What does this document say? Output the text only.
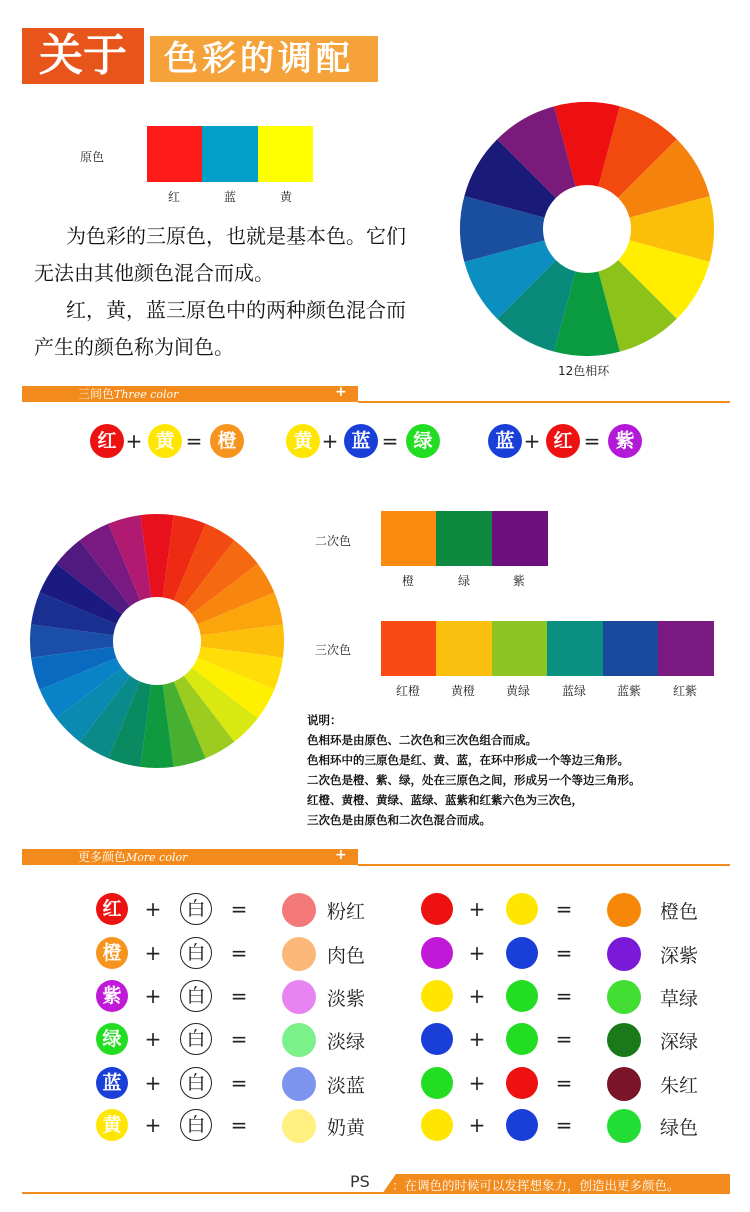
关于	色彩的调配
原色
红	蓝	黄
为色彩的三原色，也就是基本色。它们
无法由其他颜色混合而成。
红，黄，蓝三原色中的两种颜色混合而
产生的颜色称为间色。
12色相环
三间色Three color	+
红 + 黄 = 橙	黄 + 蓝 = 绿	蓝 + 红 = 紫
二次色
橙	绿	紫
三次色
红橙	黄橙	黄绿	蓝绿	蓝紫	红紫
说明：
色相环是由原色、二次色和三次色组合而成。
色相环中的三原色是红、黄、蓝，在环中形成一个等边三角形。
二次色是橙、紫、绿，处在三原色之间，形成另一个等边三角形。
红橙、黄橙、黄绿、蓝绿、蓝紫和红紫六色为三次色，
三次色是由原色和二次色混合而成。
更多颜色More color	+
红	+	白	=	粉红
橙	+	白	=	肉色
紫	+	白	=	淡紫
绿	+	白	=	淡绿
蓝	+	白	=	淡蓝
黄	+	白	=	奶黄
+	=	橙色
+	=	深紫
+	=	草绿
+	=	深绿
+	=	朱红
+	=	绿色
PS ：在调色的时候可以发挥想象力，创造出更多颜色。
